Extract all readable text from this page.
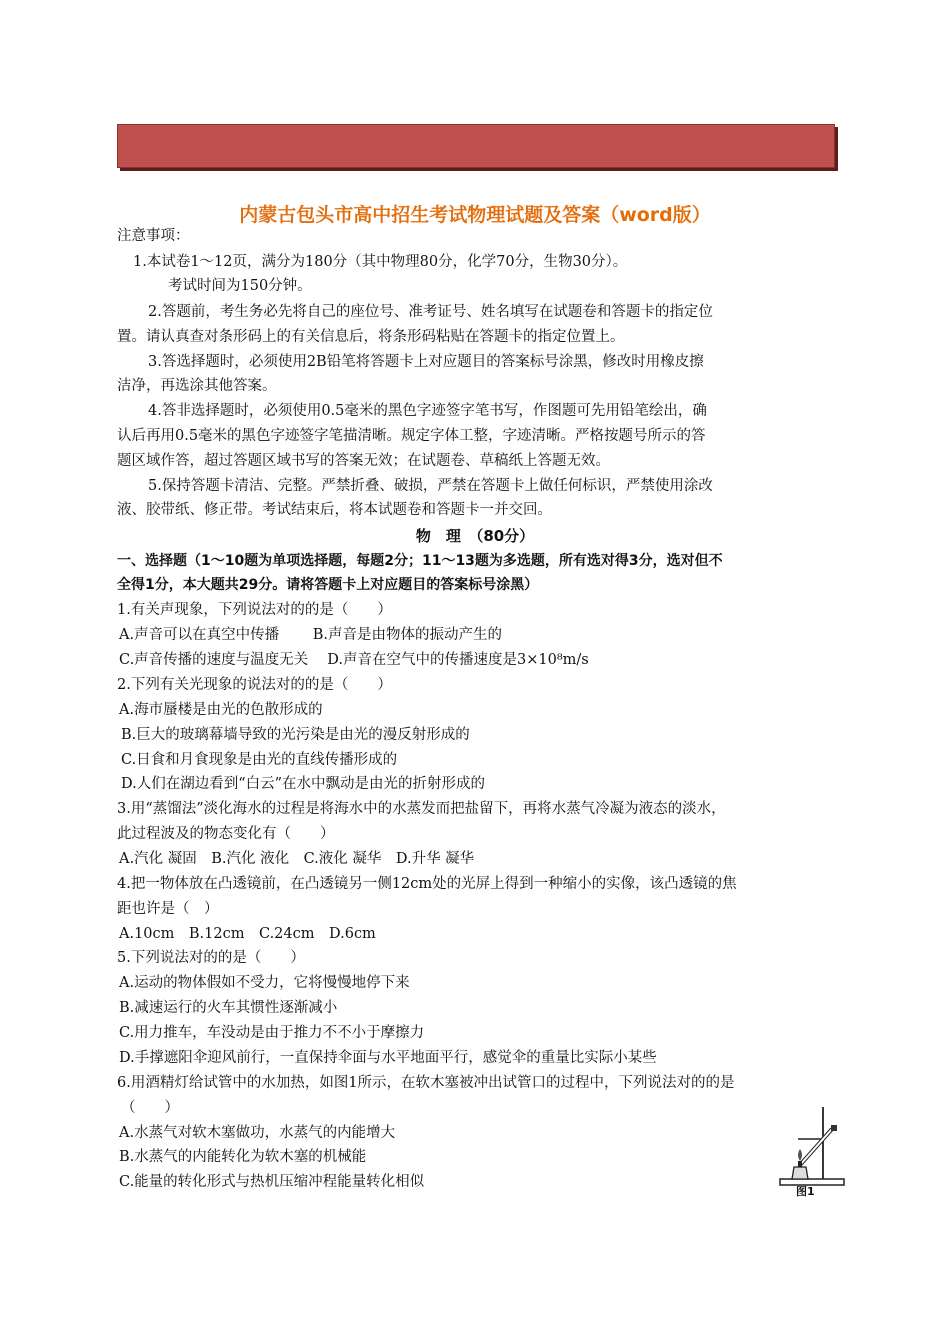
内蒙古包头市高中招生考试物理试题及答案（word版）
注意事项：
1.本试卷1～12页，满分为180分（其中物理80分，化学70分，生物30分）。
考试时间为150分钟。
2.答题前，考生务必先将自己的座位号、准考证号、姓名填写在试题卷和答题卡的指定位
置。请认真查对条形码上的有关信息后，将条形码粘贴在答题卡的指定位置上。
3.答选择题时，必须使用2B铅笔将答题卡上对应题目的答案标号涂黑，修改时用橡皮擦
洁净，再选涂其他答案。
4.答非选择题时，必须使用0.5毫米的黑色字迹签字笔书写，作图题可先用铅笔绘出，确
认后再用0.5毫米的黑色字迹签字笔描清晰。规定字体工整，字迹清晰。严格按题号所示的答
题区域作答，超过答题区域书写的答案无效；在试题卷、草稿纸上答题无效。
5.保持答题卡清洁、完整。严禁折叠、破损，严禁在答题卡上做任何标识，严禁使用涂改
液、胶带纸、修正带。考试结束后，将本试题卷和答题卡一并交回。
物　理　（80分）
一、选择题（1～10题为单项选择题，每题2分；11～13题为多选题，所有选对得3分，选对但不
全得1分，本大题共29分。请将答题卡上对应题目的答案标号涂黑）
1.有关声现象，下列说法对的的是（　　）
A.声音可以在真空中传播　　 B.声音是由物体的振动产生的
C.声音传播的速度与温度无关　 D.声音在空气中的传播速度是3×10⁸m/s
2.下列有关光现象的说法对的的是（　　）
A.海市蜃楼是由光的色散形成的
B.巨大的玻璃幕墙导致的光污染是由光的漫反射形成的
C.日食和月食现象是由光的直线传播形成的
D.人们在湖边看到“白云”在水中飘动是由光的折射形成的
3.用“蒸馏法”淡化海水的过程是将海水中的水蒸发而把盐留下，再将水蒸气冷凝为液态的淡水，
此过程波及的物态变化有（　　）
A.汽化 凝固　B.汽化 液化　C.液化 凝华　D.升华 凝华
4.把一物体放在凸透镜前，在凸透镜另一侧12cm处的光屏上得到一种缩小的实像，该凸透镜的焦
距也许是（　）
A.10cm　B.12cm　C.24cm　D.6cm
5.下列说法对的的是（　　）
A.运动的物体假如不受力，它将慢慢地停下来
B.减速运行的火车其惯性逐渐减小
C.用力推车，车没动是由于推力不不小于摩擦力
D.手撑遮阳伞迎风前行，一直保持伞面与水平地面平行，感觉伞的重量比实际小某些
6.用酒精灯给试管中的水加热，如图1所示，在软木塞被冲出试管口的过程中，下列说法对的的是
（　　）
A.水蒸气对软木塞做功，水蒸气的内能增大
B.水蒸气的内能转化为软木塞的机械能
C.能量的转化形式与热机压缩冲程能量转化相似
图1
